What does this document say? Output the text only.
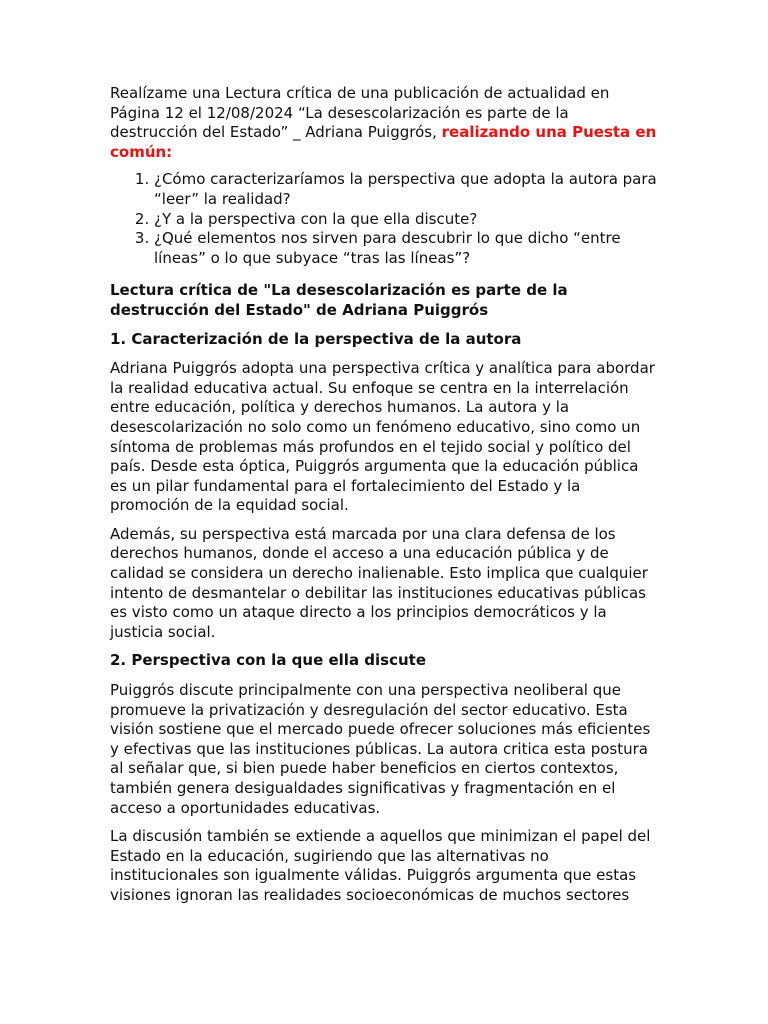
Realízame una Lectura crítica de una publicación de actualidad en Página 12 el 12/08/2024 “La desescolarización es parte de la destrucción del Estado” _ Adriana Puiggrós, realizando una Puesta en común:

1. ¿Cómo caracterizaríamos la perspectiva que adopta la autora para “leer” la realidad?
2. ¿Y a la perspectiva con la que ella discute?
3. ¿Qué elementos nos sirven para descubrir lo que dicho “entre líneas” o lo que subyace “tras las líneas”?

Lectura crítica de "La desescolarización es parte de la destrucción del Estado" de Adriana Puiggrós

1. Caracterización de la perspectiva de la autora

Adriana Puiggrós adopta una perspectiva crítica y analítica para abordar la realidad educativa actual. Su enfoque se centra en la interrelación entre educación, política y derechos humanos. La autora y la desescolarización no solo como un fenómeno educativo, sino como un síntoma de problemas más profundos en el tejido social y político del país. Desde esta óptica, Puiggrós argumenta que la educación pública es un pilar fundamental para el fortalecimiento del Estado y la promoción de la equidad social.

Además, su perspectiva está marcada por una clara defensa de los derechos humanos, donde el acceso a una educación pública y de calidad se considera un derecho inalienable. Esto implica que cualquier intento de desmantelar o debilitar las instituciones educativas públicas es visto como un ataque directo a los principios democráticos y la justicia social.

2. Perspectiva con la que ella discute

Puiggrós discute principalmente con una perspectiva neoliberal que promueve la privatización y desregulación del sector educativo. Esta visión sostiene que el mercado puede ofrecer soluciones más eficientes y efectivas que las instituciones públicas. La autora critica esta postura al señalar que, si bien puede haber beneficios en ciertos contextos, también genera desigualdades significativas y fragmentación en el acceso a oportunidades educativas.

La discusión también se extiende a aquellos que minimizan el papel del Estado en la educación, sugiriendo que las alternativas no institucionales son igualmente válidas. Puiggrós argumenta que estas visiones ignoran las realidades socioeconómicas de muchos sectores
